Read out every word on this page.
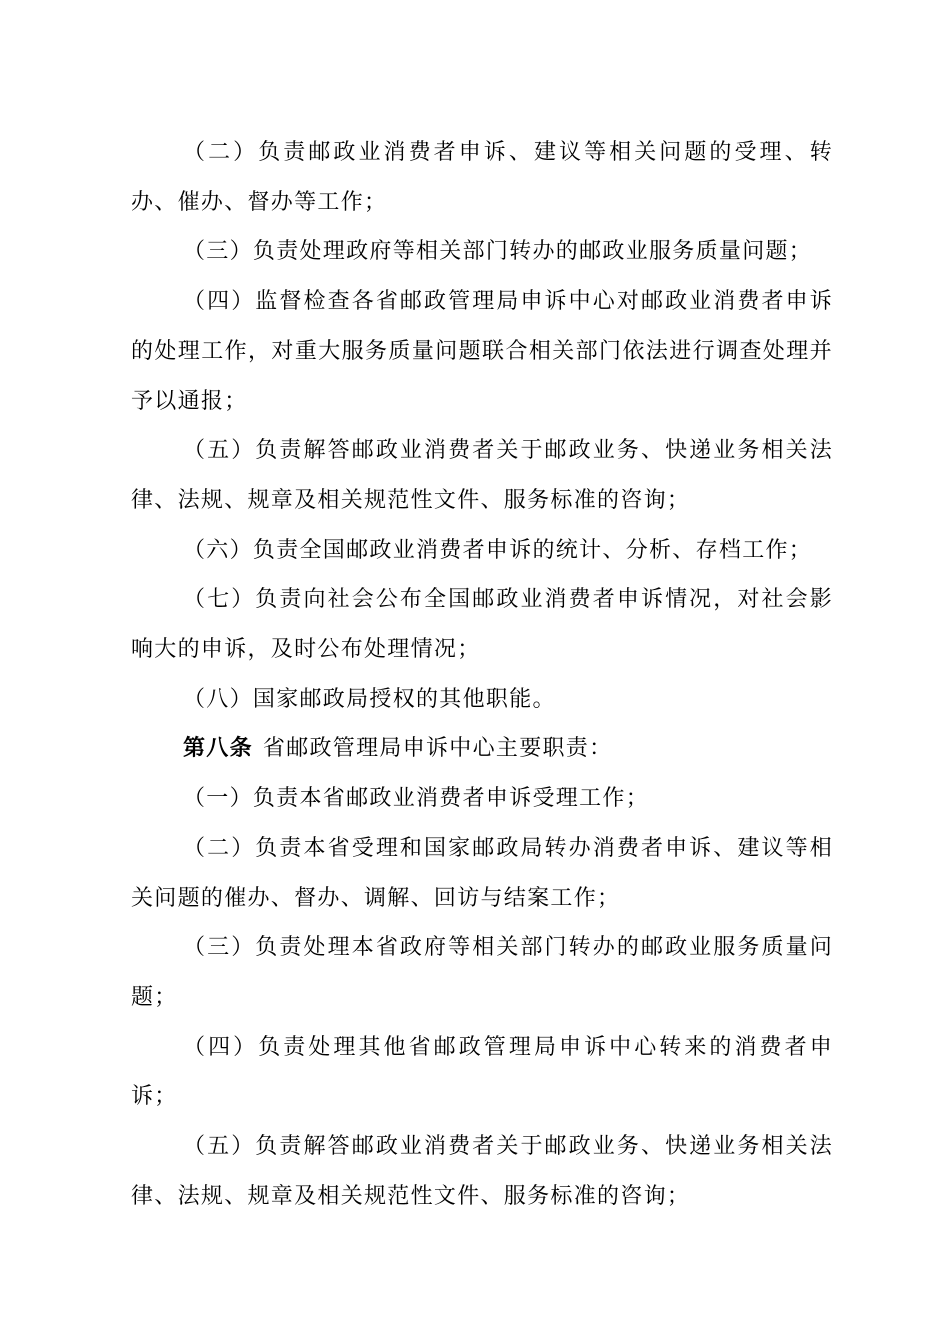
（二）负责邮政业消费者申诉、建议等相关问题的受理、转办、催办、督办等工作；

（三）负责处理政府等相关部门转办的邮政业服务质量问题；

（四）监督检查各省邮政管理局申诉中心对邮政业消费者申诉的处理工作，对重大服务质量问题联合相关部门依法进行调查处理并予以通报；

（五）负责解答邮政业消费者关于邮政业务、快递业务相关法律、法规、规章及相关规范性文件、服务标准的咨询；

（六）负责全国邮政业消费者申诉的统计、分析、存档工作；

（七）负责向社会公布全国邮政业消费者申诉情况，对社会影响大的申诉，及时公布处理情况；

（八）国家邮政局授权的其他职能。

第八条 省邮政管理局申诉中心主要职责：

（一）负责本省邮政业消费者申诉受理工作；

（二）负责本省受理和国家邮政局转办消费者申诉、建议等相关问题的催办、督办、调解、回访与结案工作；

（三）负责处理本省政府等相关部门转办的邮政业服务质量问题；

（四）负责处理其他省邮政管理局申诉中心转来的消费者申诉；

（五）负责解答邮政业消费者关于邮政业务、快递业务相关法律、法规、规章及相关规范性文件、服务标准的咨询；
